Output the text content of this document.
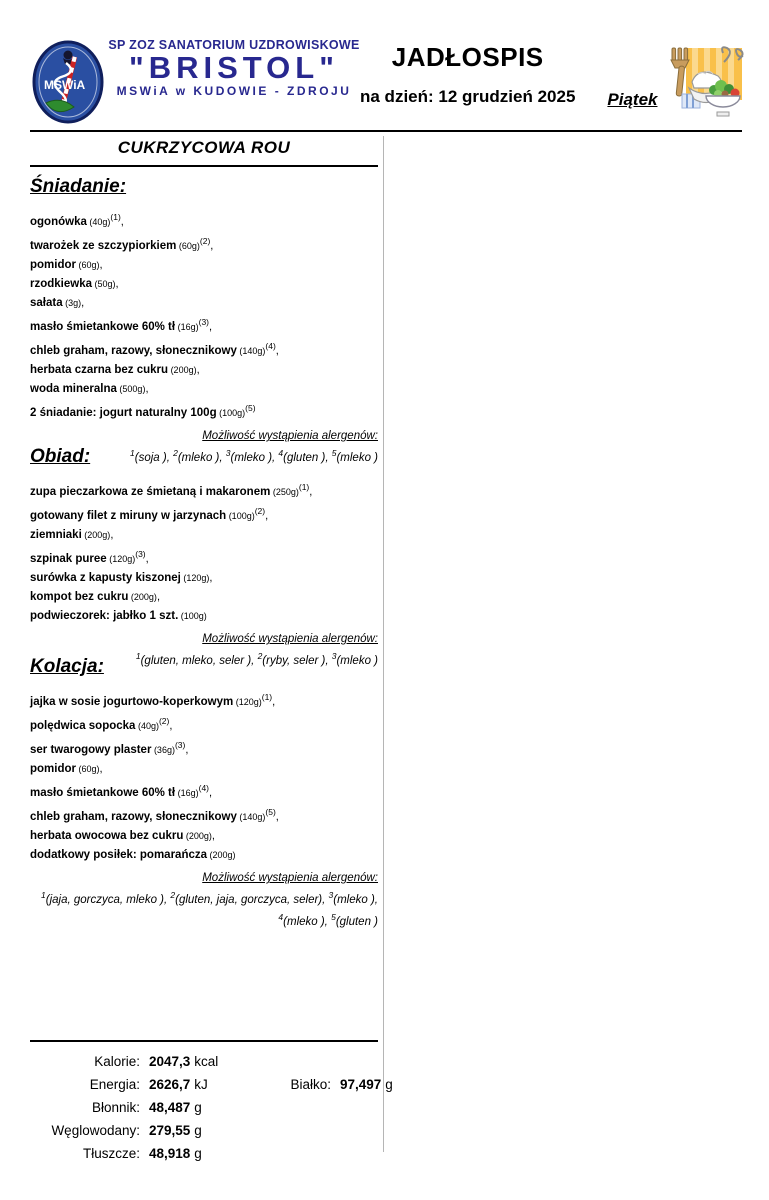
MSWiA
SP ZOZ SANATORIUM UZDROWISKOWE
"BRISTOL"
MSWiA w KUDOWIE - ZDROJU
JADŁOSPIS
na dzień: 12 grudzień 2025 Piątek
CUKRZYCOWA ROU
Śniadanie:
ogonówka $(40g)^{(1)}$,
twarożek ze szczypiorkiem $(60g)^{(2)}$,
pomidor (60g),
rzodkiewka (50g),
sałata (3g),
masło śmietankowe 60% tł $(16g)^{(3)}$,
chleb graham, razowy, słonecznikowy $(140g)^{(4)}$,
herbata czarna bez cukru (200g),
woda mineralna (500g),
2 śniadanie: jogurt naturalny 100g $(100g)^{(5)}$
Możliwość wystąpienia alergenów:
$^1$(soja ), $^2$(mleko ), $^3$(mleko ), $^4$(gluten ), $^5$(mleko )
Obiad:
zupa pieczarkowa ze śmietaną i makaronem $(250g)^{(1)}$,
gotowany filet z miruny w jarzynach $(100g)^{(2)}$,
ziemniaki (200g),
szpinak puree $(120g)^{(3)}$,
surówka z kapusty kiszonej (120g),
kompot bez cukru (200g),
podwieczorek: jabłko 1 szt. (100g)
Możliwość wystąpienia alergenów:
$^1$(gluten, mleko, seler ), $^2$(ryby, seler ), $^3$(mleko )
Kolacja:
jajka w sosie jogurtowo-koperkowym $(120g)^{(1)}$,
polędwica sopocka $(40g)^{(2)}$,
ser twarogowy plaster $(36g)^{(3)}$,
pomidor (60g),
masło śmietankowe 60% tł $(16g)^{(4)}$,
chleb graham, razowy, słonecznikowy $(140g)^{(5)}$,
herbata owocowa bez cukru (200g),
dodatkowy posiłek: pomarańcza (200g)
Możliwość wystąpienia alergenów:
$^1$(jaja, gorczyca, mleko ), $^2$(gluten, jaja, gorczyca, seler), $^3$(mleko ),
$^4$(mleko ), $^5$(gluten )
Kalorie: 2047,3 kcal
Energia: 2626,7 kJ	Białko: 97,497 g
Błonnik: 48,487 g
Węglowodany: 279,55 g
Tłuszcze: 48,918 g
